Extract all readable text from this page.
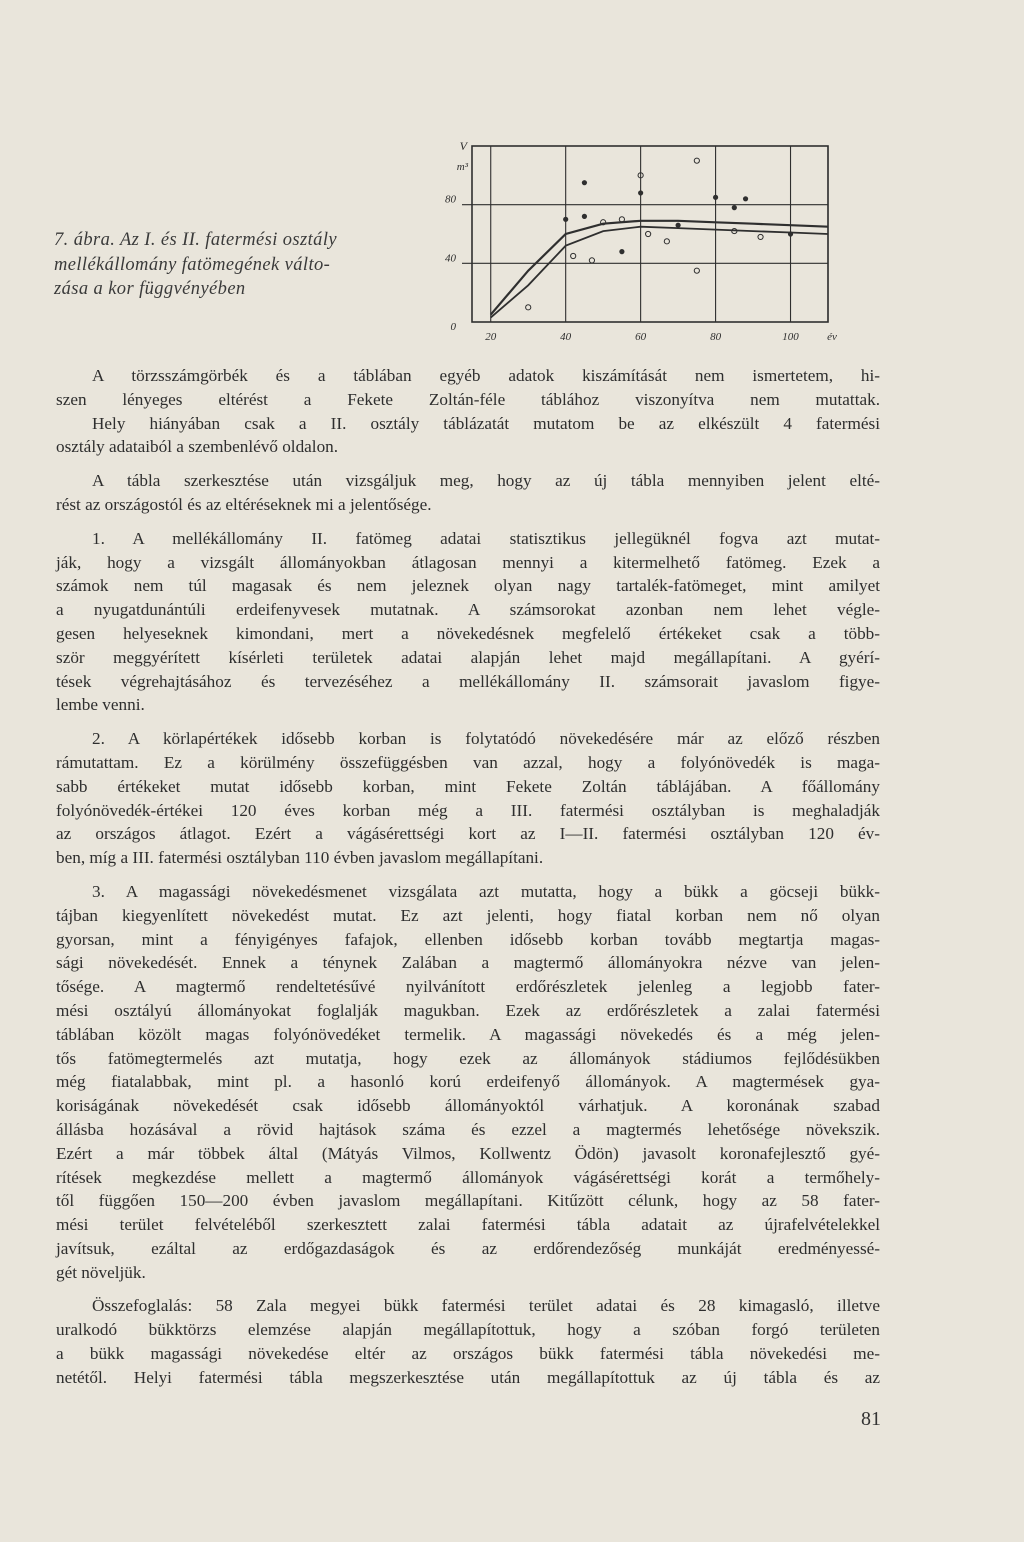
7. ábra. Az I. és II. fatermési osztály
mellékállomány fatömegének válto-
zása a kor függvényében
0
40
80
V
m³
20	40	60	80	100	év
A törzsszámgörbék és a táblában egyéb adatok kiszámítását nem ismertetem, hi-
szen lényeges eltérést a Fekete Zoltán-féle táblához viszonyítva nem mutattak.
Hely hiányában csak a II. osztály táblázatát mutatom be az elkészült 4 fatermési
osztály adataiból a szembenlévő oldalon.
A tábla szerkesztése után vizsgáljuk meg, hogy az új tábla mennyiben jelent elté-
rést az országostól és az eltéréseknek mi a jelentősége.
1. A mellékállomány II. fatömeg adatai statisztikus jellegüknél fogva azt mutat-
ják, hogy a vizsgált állományokban átlagosan mennyi a kitermelhető fatömeg. Ezek a
számok nem túl magasak és nem jeleznek olyan nagy tartalék-fatömeget, mint amilyet
a nyugatdunántúli erdeifenyvesek mutatnak. A számsorokat azonban nem lehet végle-
gesen helyeseknek kimondani, mert a növekedésnek megfelelő értékeket csak a több-
ször meggyérített kísérleti területek adatai alapján lehet majd megállapítani. A gyérí-
tések végrehajtásához és tervezéséhez a mellékállomány II. számsorait javaslom figye-
lembe venni.
2. A körlapértékek idősebb korban is folytatódó növekedésére már az előző részben
rámutattam. Ez a körülmény összefüggésben van azzal, hogy a folyónövedék is maga-
sabb értékeket mutat idősebb korban, mint Fekete Zoltán táblájában. A főállomány
folyónövedék-értékei 120 éves korban még a III. fatermési osztályban is meghaladják
az országos átlagot. Ezért a vágásérettségi kort az I—II. fatermési osztályban 120 év-
ben, míg a III. fatermési osztályban 110 évben javaslom megállapítani.
3. A magassági növekedésmenet vizsgálata azt mutatta, hogy a bükk a göcseji bükk-
tájban kiegyenlített növekedést mutat. Ez azt jelenti, hogy fiatal korban nem nő olyan
gyorsan, mint a fényigényes fafajok, ellenben idősebb korban tovább megtartja magas-
sági növekedését. Ennek a ténynek Zalában a magtermő állományokra nézve van jelen-
tősége. A magtermő rendeltetésűvé nyilvánított erdőrészletek jelenleg a legjobb fater-
mési osztályú állományokat foglalják magukban. Ezek az erdőrészletek a zalai fatermési
táblában közölt magas folyónövedéket termelik. A magassági növekedés és a még jelen-
tős fatömegtermelés azt mutatja, hogy ezek az állományok stádiumos fejlődésükben
még fiatalabbak, mint pl. a hasonló korú erdeifenyő állományok. A magtermések gya-
koriságának növekedését csak idősebb állományoktól várhatjuk. A koronának szabad
állásba hozásával a rövid hajtások száma és ezzel a magtermés lehetősége növekszik.
Ezért a már többek által (Mátyás Vilmos, Kollwentz Ödön) javasolt koronafejlesztő gyé-
rítések megkezdése mellett a magtermő állományok vágásérettségi korát a termőhely-
től függően 150—200 évben javaslom megállapítani. Kitűzött célunk, hogy az 58 fater-
mési terület felvételéből szerkesztett zalai fatermési tábla adatait az újrafelvételekkel
javítsuk, ezáltal az erdőgazdaságok és az erdőrendezőség munkáját eredményessé-
gét növeljük.
Összefoglalás: 58 Zala megyei bükk fatermési terület adatai és 28 kimagasló, illetve
uralkodó bükktörzs elemzése alapján megállapítottuk, hogy a szóban forgó területen
a bükk magassági növekedése eltér az országos bükk fatermési tábla növekedési me-
netétől. Helyi fatermési tábla megszerkesztése után megállapítottuk az új tábla és az
81
